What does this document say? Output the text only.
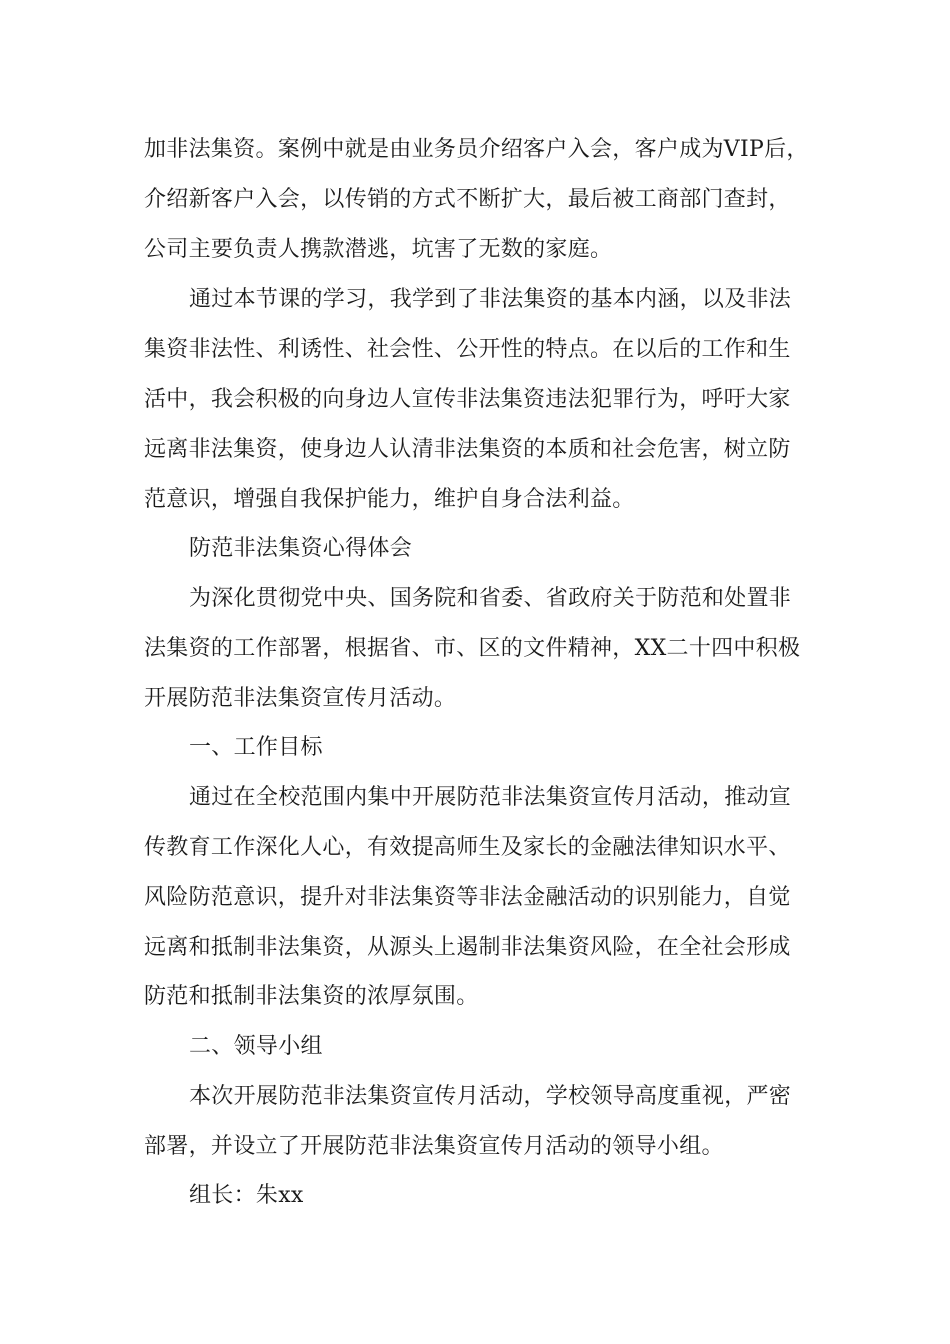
加非法集资。案例中就是由业务员介绍客户入会，客户成为VIP后，
介绍新客户入会，以传销的方式不断扩大，最后被工商部门查封，
公司主要负责人携款潜逃，坑害了无数的家庭。
通过本节课的学习，我学到了非法集资的基本内涵，以及非法
集资非法性、利诱性、社会性、公开性的特点。在以后的工作和生
活中，我会积极的向身边人宣传非法集资违法犯罪行为，呼吁大家
远离非法集资，使身边人认清非法集资的本质和社会危害，树立防
范意识，增强自我保护能力，维护自身合法利益。
防范非法集资心得体会
为深化贯彻党中央、国务院和省委、省政府关于防范和处置非
法集资的工作部署，根据省、市、区的文件精神，XX二十四中积极
开展防范非法集资宣传月活动。
一、工作目标
通过在全校范围内集中开展防范非法集资宣传月活动，推动宣
传教育工作深化人心，有效提高师生及家长的金融法律知识水平、
风险防范意识，提升对非法集资等非法金融活动的识别能力，自觉
远离和抵制非法集资，从源头上遏制非法集资风险，在全社会形成
防范和抵制非法集资的浓厚氛围。
二、领导小组
本次开展防范非法集资宣传月活动，学校领导高度重视，严密
部署，并设立了开展防范非法集资宣传月活动的领导小组。
组长：朱xx
